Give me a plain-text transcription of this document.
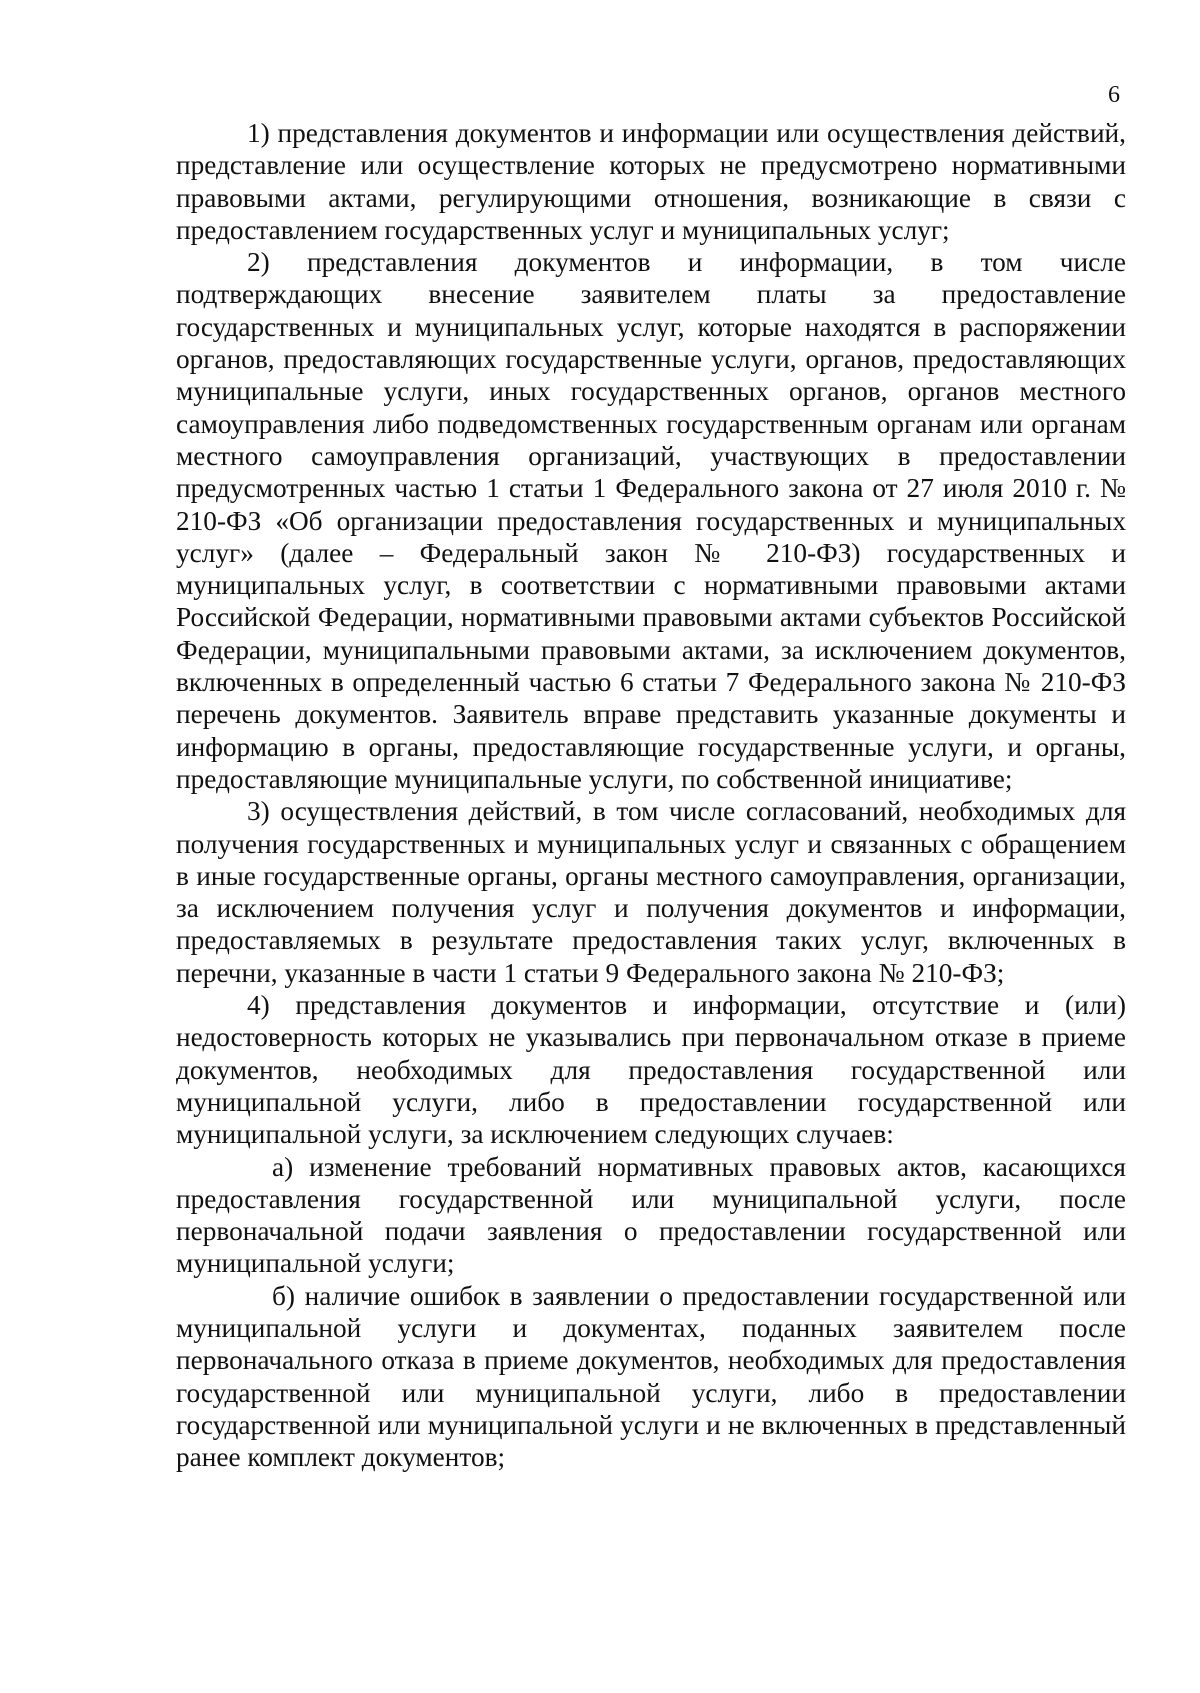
6

1) представления документов и информации или осуществления действий, представление или осуществление которых не предусмотрено нормативными правовыми актами, регулирующими отношения, возникающие в связи с предоставлением государственных услуг и муниципальных услуг;

2) представления документов и информации, в том числе подтверждающих внесение заявителем платы за предоставление государственных и муниципальных услуг, которые находятся в распоряжении органов, предоставляющих государственные услуги, органов, предоставляющих муниципальные услуги, иных государственных органов, органов местного самоуправления либо подведомственных государственным органам или органам местного самоуправления организаций, участвующих в предоставлении предусмотренных частью 1 статьи 1 Федерального закона от 27 июля 2010 г. № 210-ФЗ «Об организации предоставления государственных и муниципальных услуг» (далее – Федеральный закон № 210-ФЗ) государственных и муниципальных услуг, в соответствии с нормативными правовыми актами Российской Федерации, нормативными правовыми актами субъектов Российской Федерации, муниципальными правовыми актами, за исключением документов, включенных в определенный частью 6 статьи 7 Федерального закона № 210-ФЗ перечень документов. Заявитель вправе представить указанные документы и информацию в органы, предоставляющие государственные услуги, и органы, предоставляющие муниципальные услуги, по собственной инициативе;

3) осуществления действий, в том числе согласований, необходимых для получения государственных и муниципальных услуг и связанных с обращением в иные государственные органы, органы местного самоуправления, организации, за исключением получения услуг и получения документов и информации, предоставляемых в результате предоставления таких услуг, включенных в перечни, указанные в части 1 статьи 9 Федерального закона № 210-ФЗ;

4) представления документов и информации, отсутствие и (или) недостоверность которых не указывались при первоначальном отказе в приеме документов, необходимых для предоставления государственной или муниципальной услуги, либо в предоставлении государственной или муниципальной услуги, за исключением следующих случаев:

а) изменение требований нормативных правовых актов, касающихся предоставления государственной или муниципальной услуги, после первоначальной подачи заявления о предоставлении государственной или муниципальной услуги;

б) наличие ошибок в заявлении о предоставлении государственной или муниципальной услуги и документах, поданных заявителем после первоначального отказа в приеме документов, необходимых для предоставления государственной или муниципальной услуги, либо в предоставлении государственной или муниципальной услуги и не включенных в представленный ранее комплект документов;
